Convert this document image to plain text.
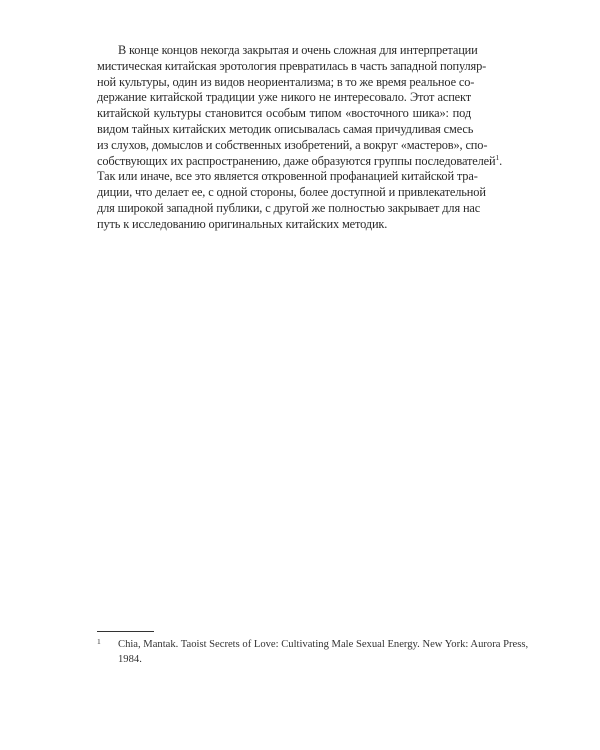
В конце концов некогда закрытая и очень сложная для интерпретации
мистическая китайская эротология превратилась в часть западной популяр-
ной культуры, один из видов неориентализма; в то же время реальное со-
держание китайской традиции уже никого не интересовало. Этот аспект
китайской культуры становится особым типом «восточного шика»: под
видом тайных китайских методик описывалась самая причудливая смесь
из слухов, домыслов и собственных изобретений, а вокруг «мастеров», спо-
собствующих их распространению, даже образуются группы последователей$^1$.
Так или иначе, все это является откровенной профанацией китайской тра-
диции, что делает ее, с одной стороны, более доступной и привлекательной
для широкой западной публики, с другой же полностью закрывает для нас
путь к исследованию оригинальных китайских методик.
1 Chia, Mantak. Taoist Secrets of Love: Cultivating Male Sexual Energy. New York: Aurora Press,
1984.
